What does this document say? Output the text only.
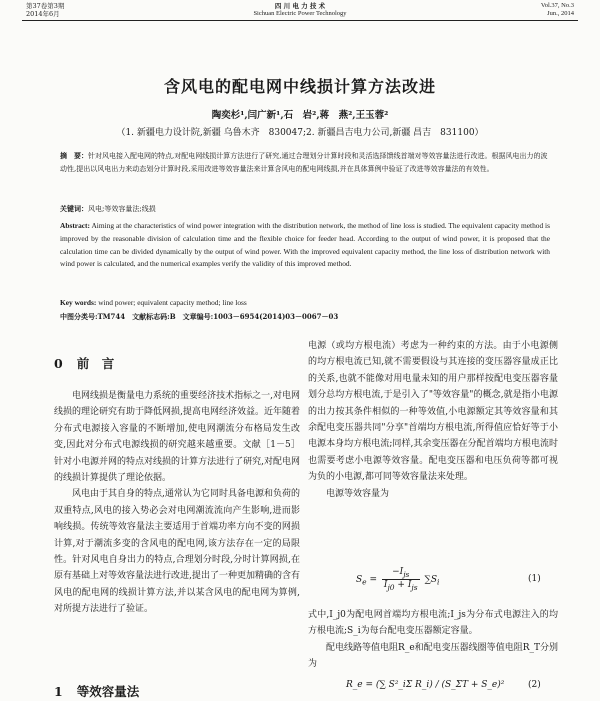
第37卷第3期
2014年6月
四 川 电 力 技 术
Sichuan Electric Power Technology
Vol.37, No.3
Jun., 2014
含风电的配电网中线损计算方法改进
陶奕杉¹,闫广新¹,石　岩²,蒋　燕²,王玉蓉²
（1. 新疆电力设计院,新疆 乌鲁木齐　830047;2. 新疆昌吉电力公司,新疆 昌吉　831100）
摘　要：针对风电接入配电网的特点,对配电网线损计算方法进行了研究,通过合理划分计算时段和灵活选择馈线首端对等效容量法进行改进。根据风电出力的波动性,提出以风电出力来动态划分计算时段,采用改进等效容量法来计算含风电的配电网线损,并在具体算例中验证了改进等效容量法的有效性。
关键词：风电;等效容量法;线损
Abstract: Aiming at the characteristics of wind power integration with the distribution network, the method of line loss is studied. The equivalent capacity method is improved by the reasonable division of calculation time and the flexible choice for feeder head. According to the output of wind power, it is proposed that the calculation time can be divided dynamically by the output of wind power. With the improved equivalent capacity method, the line loss of distribution network with wind power is calculated, and the numerical examples verify the validity of this improved method.
Key words: wind power; equivalent capacity method; line loss
中图分类号:TM744　文献标志码:B　文章编号:1003－6954(2014)03－0067－03
0 前　言

电网线损是衡量电力系统的重要经济技术指标之一,对电网线损的理论研究有助于降低网损,提高电网经济效益。近年随着分布式电源接入容量的不断增加,使电网潮流分布格局发生改变,因此对分布式电源线损的研究越来越重要。文献［1－5］针对小电源并网的特点对线损的计算方法进行了研究,对配电网的线损计算提供了理论依据。

风电由于其自身的特点,通常认为它同时具备电源和负荷的双重特点,风电的接入势必会对电网潮流流向产生影响,进而影响线损。传统等效容量法主要适用于首端功率方向不变的网损计算,对于潮流多变的含风电的配电网,该方法存在一定的局限性。针对风电自身出力的特点,合理划分时段,分时计算网损,在原有基础上对等效容量法进行改进,提出了一种更加精确的含有风电的配电网的线损计算方法,并以某含风电的配电网为算例,对所提方法进行了验证。

1 等效容量法

电源（或均方根电流）考虑为一种约束的方法。由于小电源侧的均方根电流已知,就不需要假设与其连接的变压器容量成正比的关系,也就不能像对用电量未知的用户那样按配电变压器容量划分总均方根电流,于是引入了"等效容量"的概念,就是指小电源的出力按其条件相似的一种等效值,小电源额定其等效容量和其余配电变压器共同"分享"首端均方根电流,所得值应恰好等于小电源本身均方根电流;同样,其余变压器在分配首端均方根电流时也需要考虑小电源等效容量。配电变压器和电压负荷等都可视为负的小电源,都可同等效容量法来处理。

电源等效容量为

$S_e$ =
$-I_{js}$
$I_{j0} + I_{js}$
$\sum S_i$	(1)

式中,I_j0为配电网首端均方根电流;I_js为分布式电源注入的均方根电流;S_i为每台配电变压器额定容量。

配电线路等值电阻R_e和配电变压器线圈等值电阻R_T分别为

R_e = (∑ S²_iΣ R_i) / (S_ΣT + S_e)²	(2)
